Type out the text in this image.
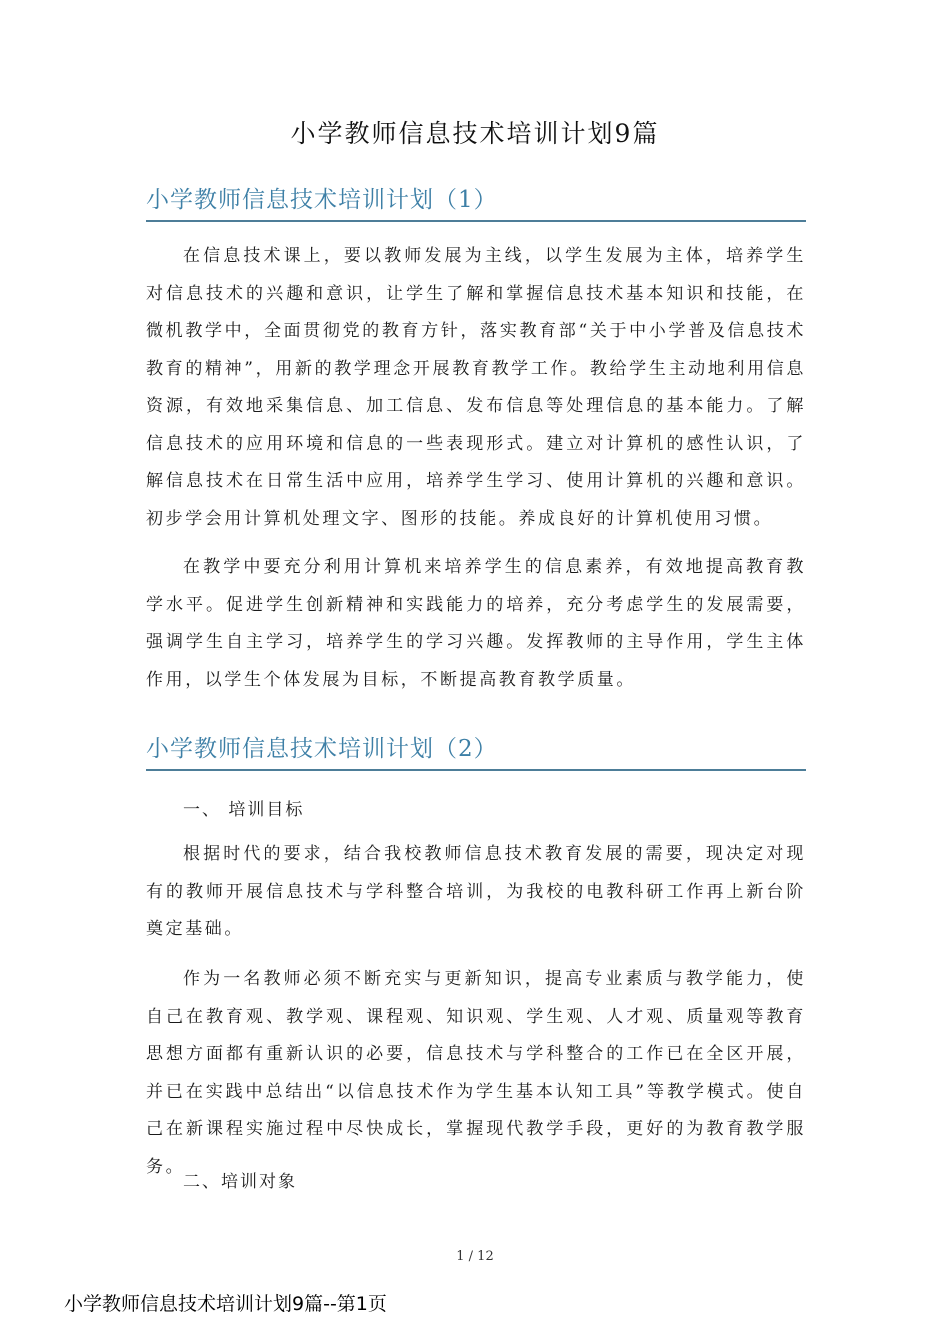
小学教师信息技术培训计划9篇
小学教师信息技术培训计划（1）

在信息技术课上，要以教师发展为主线，以学生发展为主体，培养学生对信息技术的兴趣和意识，让学生了解和掌握信息技术基本知识和技能，在微机教学中，全面贯彻党的教育方针，落实教育部“关于中小学普及信息技术教育的精神”，用新的教学理念开展教育教学工作。教给学生主动地利用信息资源，有效地采集信息、加工信息、发布信息等处理信息的基本能力。了解信息技术的应用环境和信息的一些表现形式。建立对计算机的感性认识，了解信息技术在日常生活中应用，培养学生学习、使用计算机的兴趣和意识。初步学会用计算机处理文字、图形的技能。养成良好的计算机使用习惯。

在教学中要充分利用计算机来培养学生的信息素养，有效地提高教育教学水平。促进学生创新精神和实践能力的培养，充分考虑学生的发展需要，强调学生自主学习，培养学生的学习兴趣。发挥教师的主导作用，学生主体作用，以学生个体发展为目标，不断提高教育教学质量。

小学教师信息技术培训计划（2）

一、 培训目标

根据时代的要求，结合我校教师信息技术教育发展的需要，现决定对现有的教师开展信息技术与学科整合培训，为我校的电教科研工作再上新台阶奠定基础。

作为一名教师必须不断充实与更新知识，提高专业素质与教学能力，使自己在教育观、教学观、课程观、知识观、学生观、人才观、质量观等教育思想方面都有重新认识的必要，信息技术与学科整合的工作已在全区开展，并已在实践中总结出“以信息技术作为学生基本认知工具”等教学模式。使自己在新课程实施过程中尽快成长，掌握现代教学手段，更好的为教育教学服务。

二、培训对象

1 / 12
小学教师信息技术培训计划9篇--第1页
